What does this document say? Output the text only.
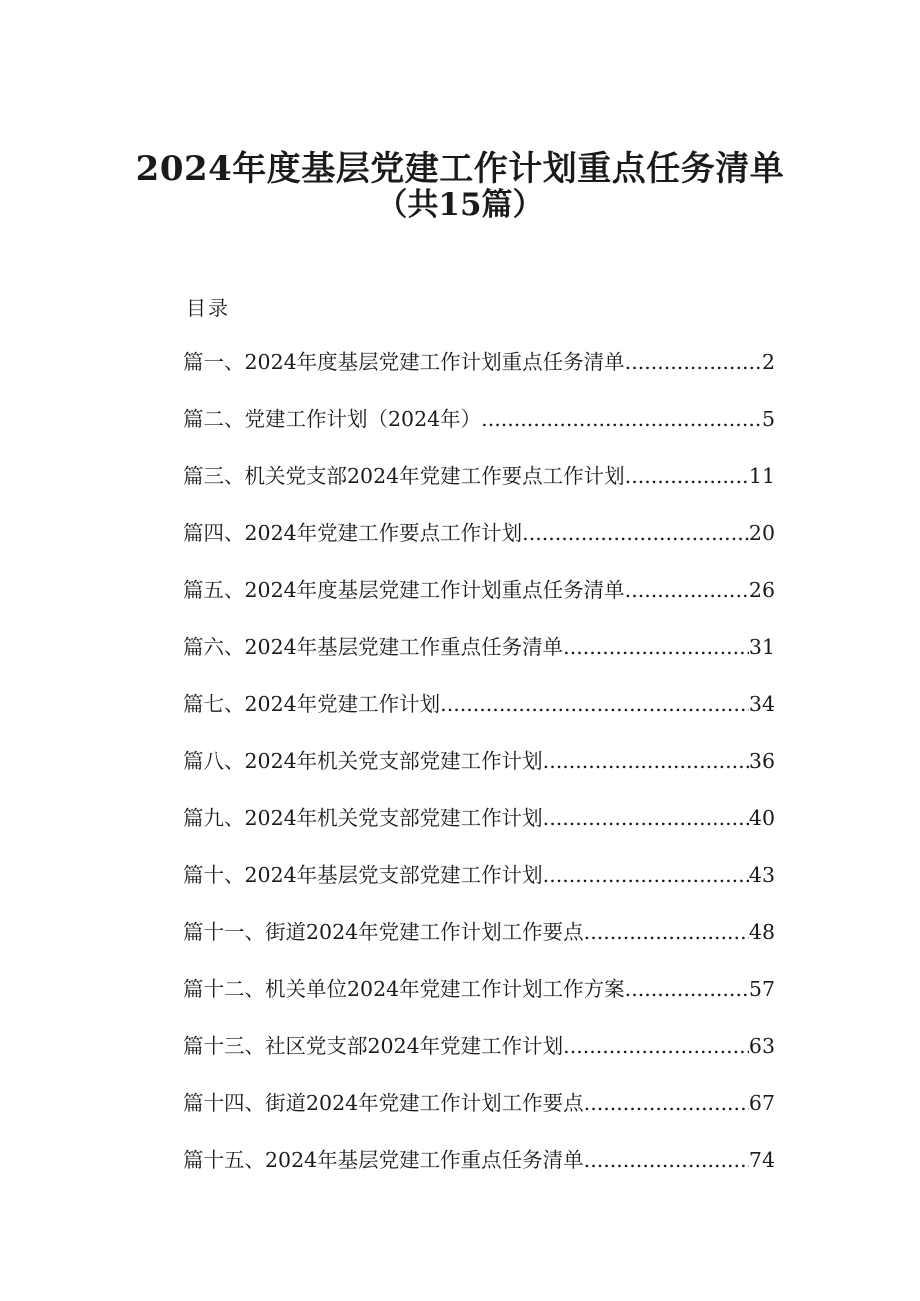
2024年度基层党建工作计划重点任务清单
（共15篇）
目录
篇一、2024年度基层党建工作计划重点任务清单 .....	2
篇二、党建工作计划（2024年） .....	5
篇三、机关党支部2024年党建工作要点工作计划 .....	11
篇四、2024年党建工作要点工作计划 .....	20
篇五、2024年度基层党建工作计划重点任务清单 .....	26
篇六、2024年基层党建工作重点任务清单 .....	31
篇七、2024年党建工作计划 .....	34
篇八、2024年机关党支部党建工作计划 .....	36
篇九、2024年机关党支部党建工作计划 .....	40
篇十、2024年基层党支部党建工作计划 .....	43
篇十一、街道2024年党建工作计划工作要点 .....	48
篇十二、机关单位2024年党建工作计划工作方案 .....	57
篇十三、社区党支部2024年党建工作计划 .....	63
篇十四、街道2024年党建工作计划工作要点 .....	67
篇十五、2024年基层党建工作重点任务清单 .....	74
